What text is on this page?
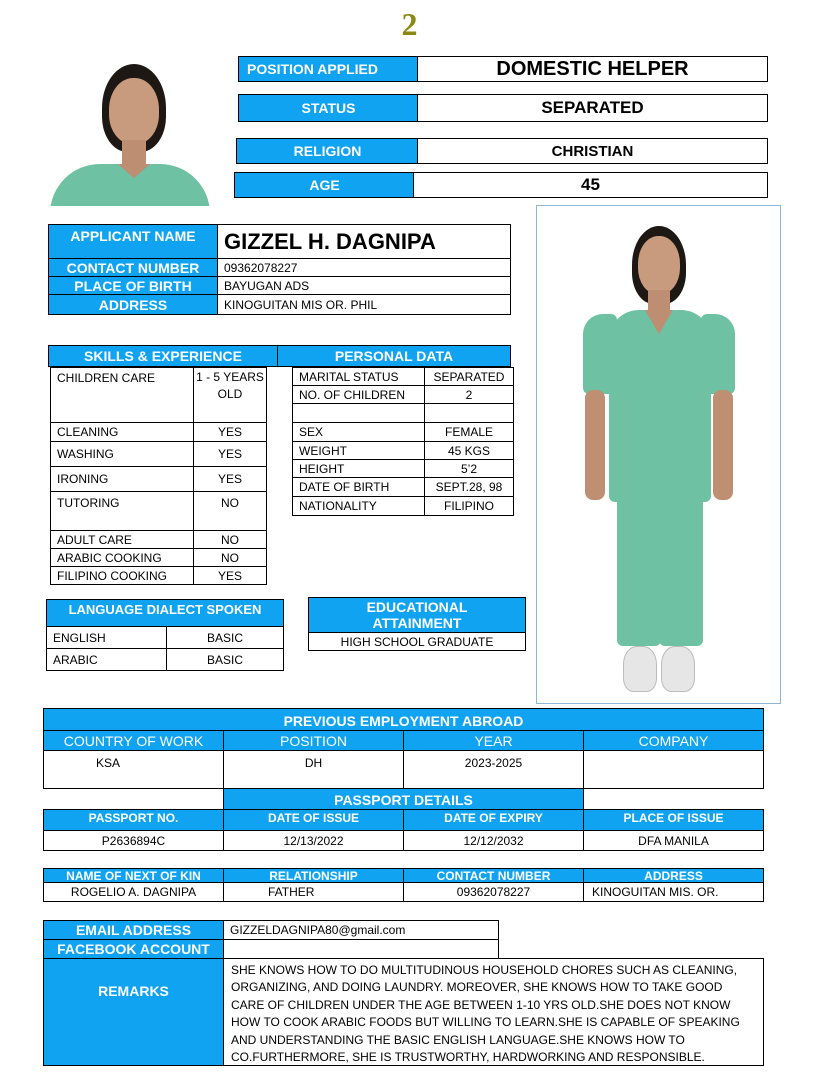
2
POSITION APPLIED	DOMESTIC HELPER
STATUS	SEPARATED
RELIGION	CHRISTIAN
AGE	45
APPLICANT NAME	GIZZEL H. DAGNIPA
CONTACT NUMBER	09362078227
PLACE OF BIRTH	BAYUGAN ADS
ADDRESS	KINOGUITAN MIS OR. PHIL
SKILLS & EXPERIENCE	PERSONAL DATA
CHILDREN CARE	1 - 5 YEARS OLD
CLEANING	YES
WASHING	YES
IRONING	YES
TUTORING	NO
ADULT CARE	NO
ARABIC COOKING	NO
FILIPINO COOKING	YES
MARITAL STATUS	SEPARATED
NO. OF CHILDREN	2
SEX	FEMALE
WEIGHT	45 KGS
HEIGHT	5’2
DATE OF BIRTH	SEPT.28, 98
NATIONALITY	FILIPINO
LANGUAGE DIALECT SPOKEN
ENGLISH	BASIC
ARABIC	BASIC
EDUCATIONAL ATTAINMENT
HIGH SCHOOL GRADUATE
PREVIOUS EMPLOYMENT ABROAD
COUNTRY OF WORK	POSITION	YEAR	COMPANY
KSA	DH	2023-2025
PASSPORT DETAILS
PASSPORT NO.	DATE OF ISSUE	DATE OF EXPIRY	PLACE OF ISSUE
P2636894C	12/13/2022	12/12/2032	DFA MANILA
NAME OF NEXT OF KIN	RELATIONSHIP	CONTACT NUMBER	ADDRESS
ROGELIO A. DAGNIPA	FATHER	09362078227	KINOGUITAN MIS. OR.
EMAIL ADDRESS	GIZZELDAGNIPA80@gmail.com
FACEBOOK ACCOUNT
REMARKS
SHE KNOWS HOW TO DO MULTITUDINOUS HOUSEHOLD CHORES SUCH AS CLEANING,
ORGANIZING, AND DOING LAUNDRY. MOREOVER, SHE KNOWS HOW TO TAKE GOOD
CARE OF CHILDREN UNDER THE AGE BETWEEN 1-10 YRS OLD.SHE DOES NOT KNOW
HOW TO COOK ARABIC FOODS BUT WILLING TO LEARN.SHE IS CAPABLE OF SPEAKING
AND UNDERSTANDING THE BASIC ENGLISH LANGUAGE.SHE KNOWS HOW TO
CO.FURTHERMORE, SHE IS TRUSTWORTHY, HARDWORKING AND RESPONSIBLE.
